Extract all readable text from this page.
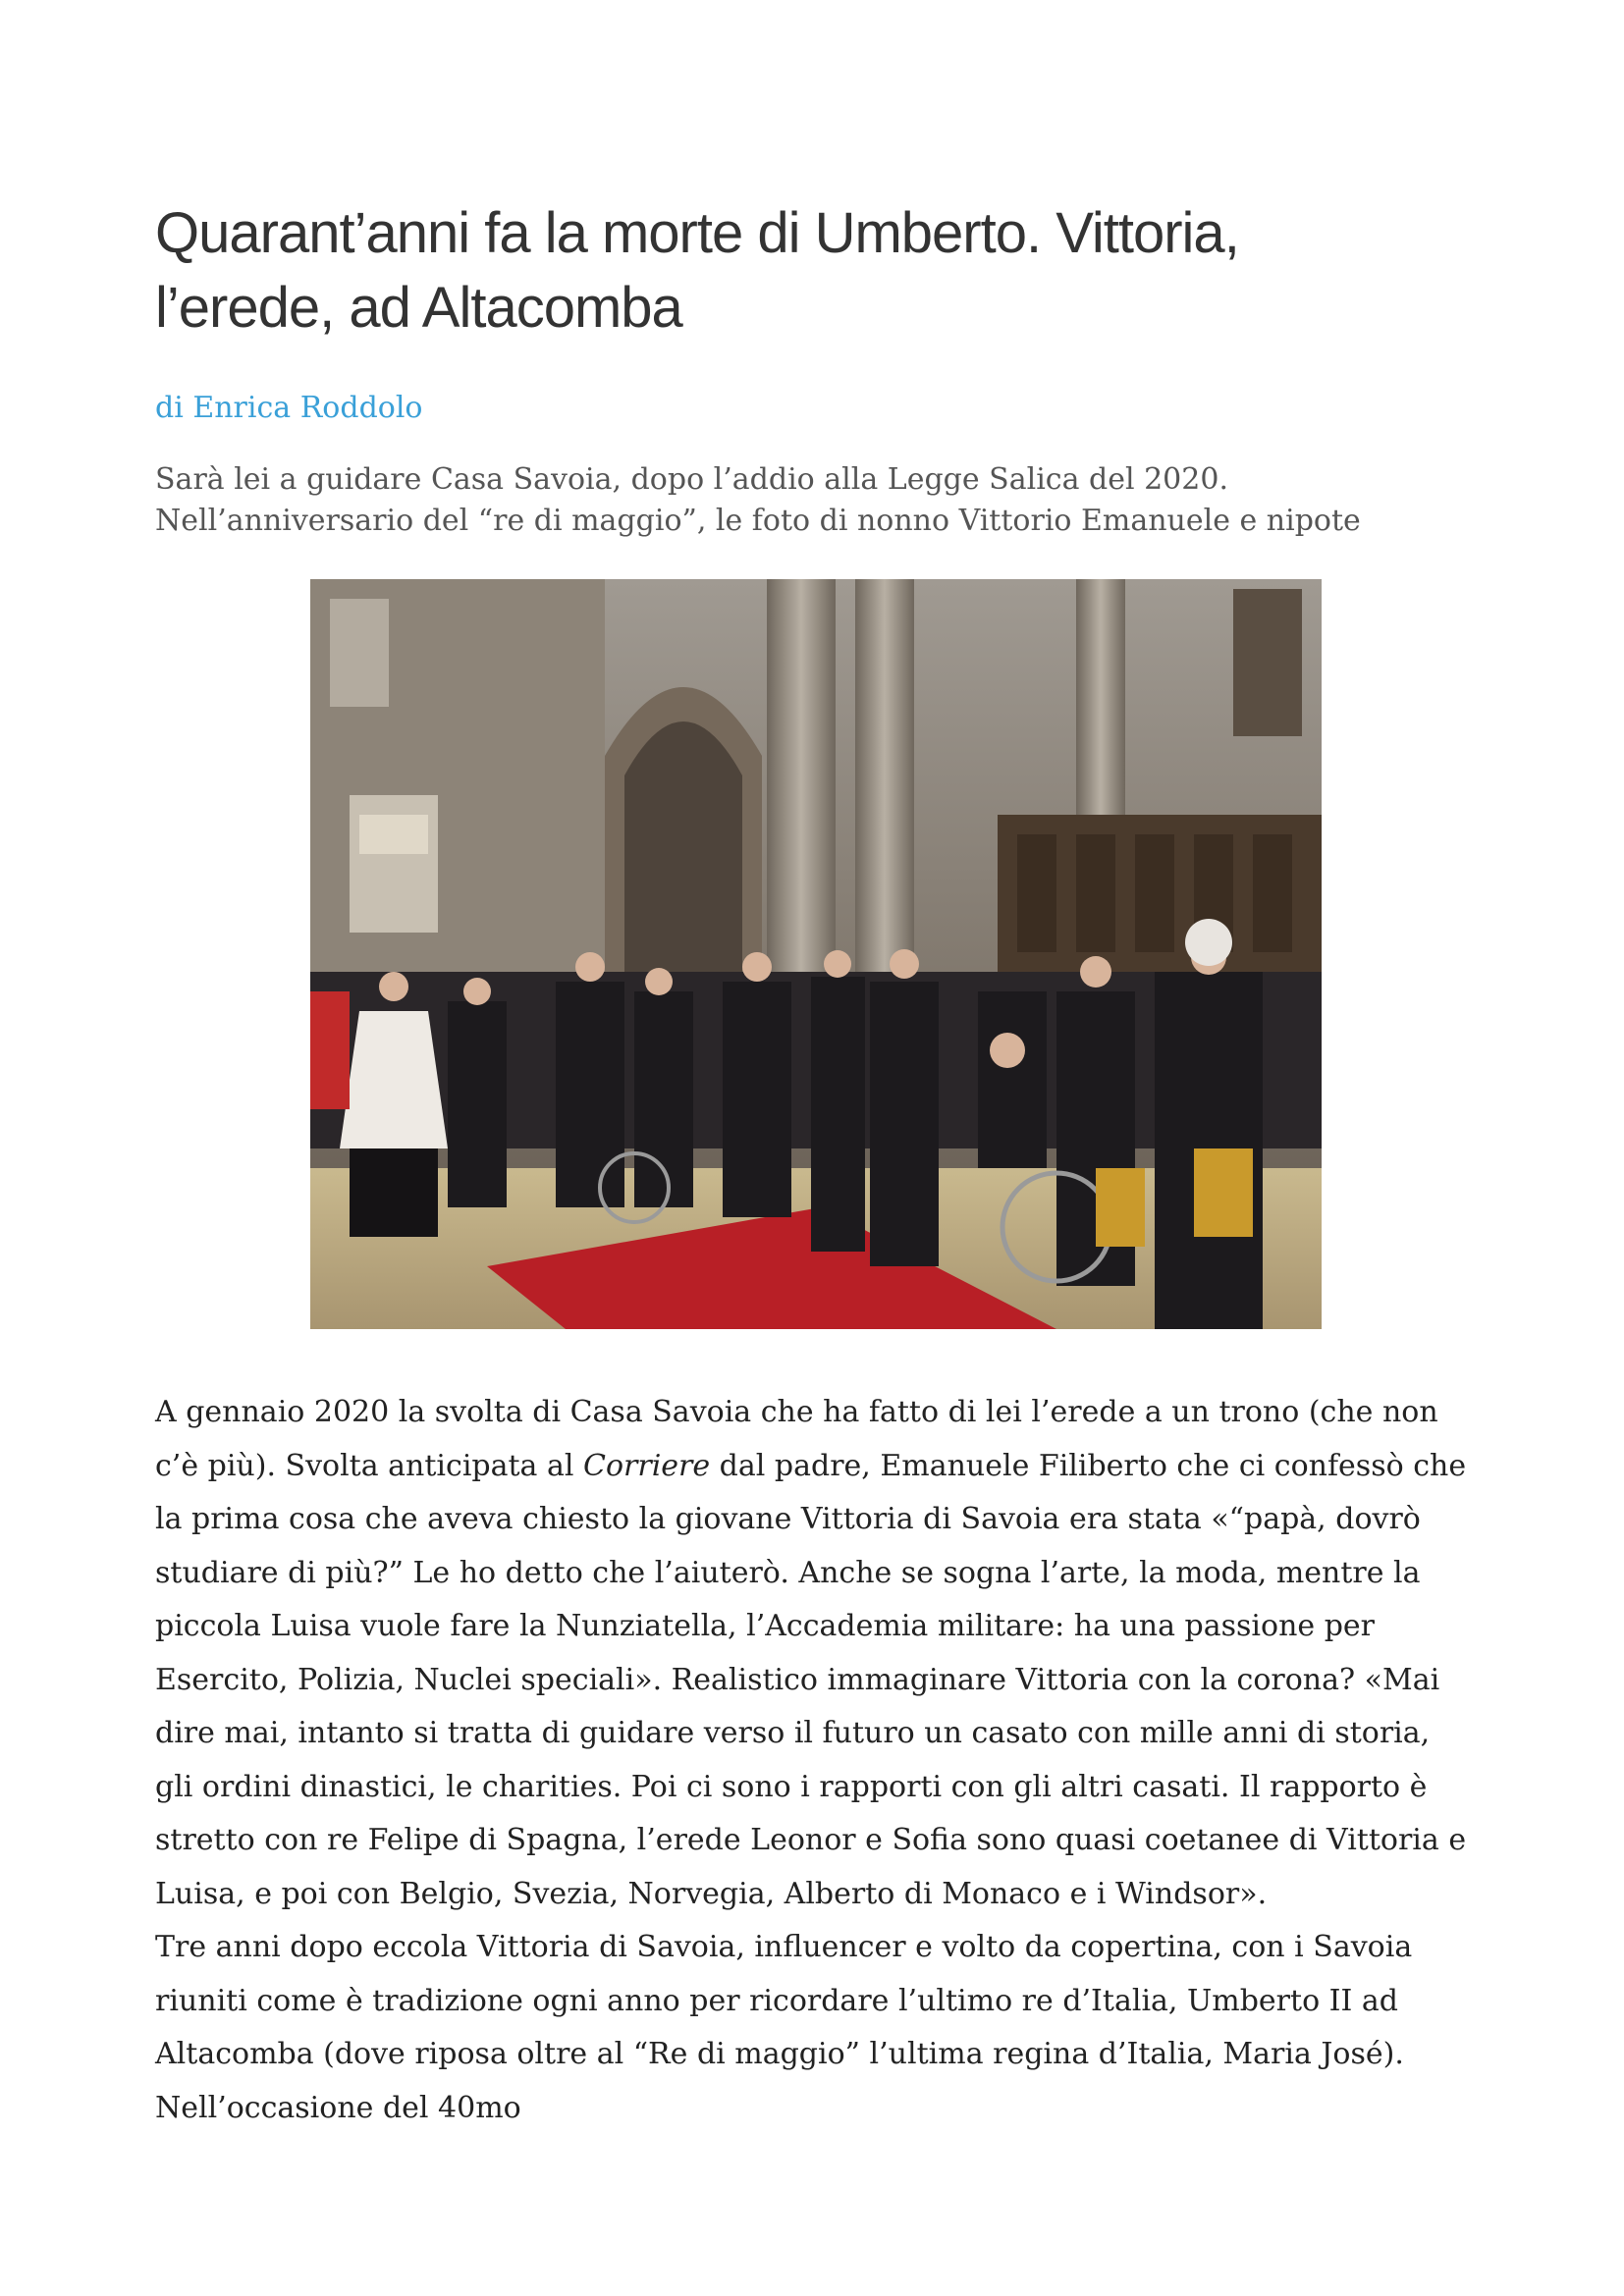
Quarant’anni fa la morte di Umberto. Vittoria, l’erede, ad Altacomba
di Enrica Roddolo

Sarà lei a guidare Casa Savoia, dopo l’addio alla Legge Salica del 2020. Nell’anniversario del “re di maggio”, le foto di nonno Vittorio Emanuele e nipote

A gennaio 2020 la svolta di Casa Savoia che ha fatto di lei l’erede a un trono (che non c’è più). Svolta anticipata al Corriere dal padre, Emanuele Filiberto che ci confessò che la prima cosa che aveva chiesto la giovane Vittoria di Savoia era stata «“papà, dovrò studiare di più?” Le ho detto che l’aiuterò. Anche se sogna l’arte, la moda, mentre la piccola Luisa vuole fare la Nunziatella, l’Accademia militare: ha una passione per Esercito, Polizia, Nuclei speciali». Realistico immaginare Vittoria con la corona? «Mai dire mai, intanto si tratta di guidare verso il futuro un casato con mille anni di storia, gli ordini dinastici, le charities. Poi ci sono i rapporti con gli altri casati. Il rapporto è stretto con re Felipe di Spagna, l’erede Leonor e Sofia sono quasi coetanee di Vittoria e Luisa, e poi con Belgio, Svezia, Norvegia, Alberto di Monaco e i Windsor».

Tre anni dopo eccola Vittoria di Savoia, influencer e volto da copertina, con i Savoia riuniti come è tradizione ogni anno per ricordare l’ultimo re d’Italia, Umberto II ad Altacomba (dove riposa oltre al “Re di maggio” l’ultima regina d’Italia, Maria José). Nell’occasione del 40mo
